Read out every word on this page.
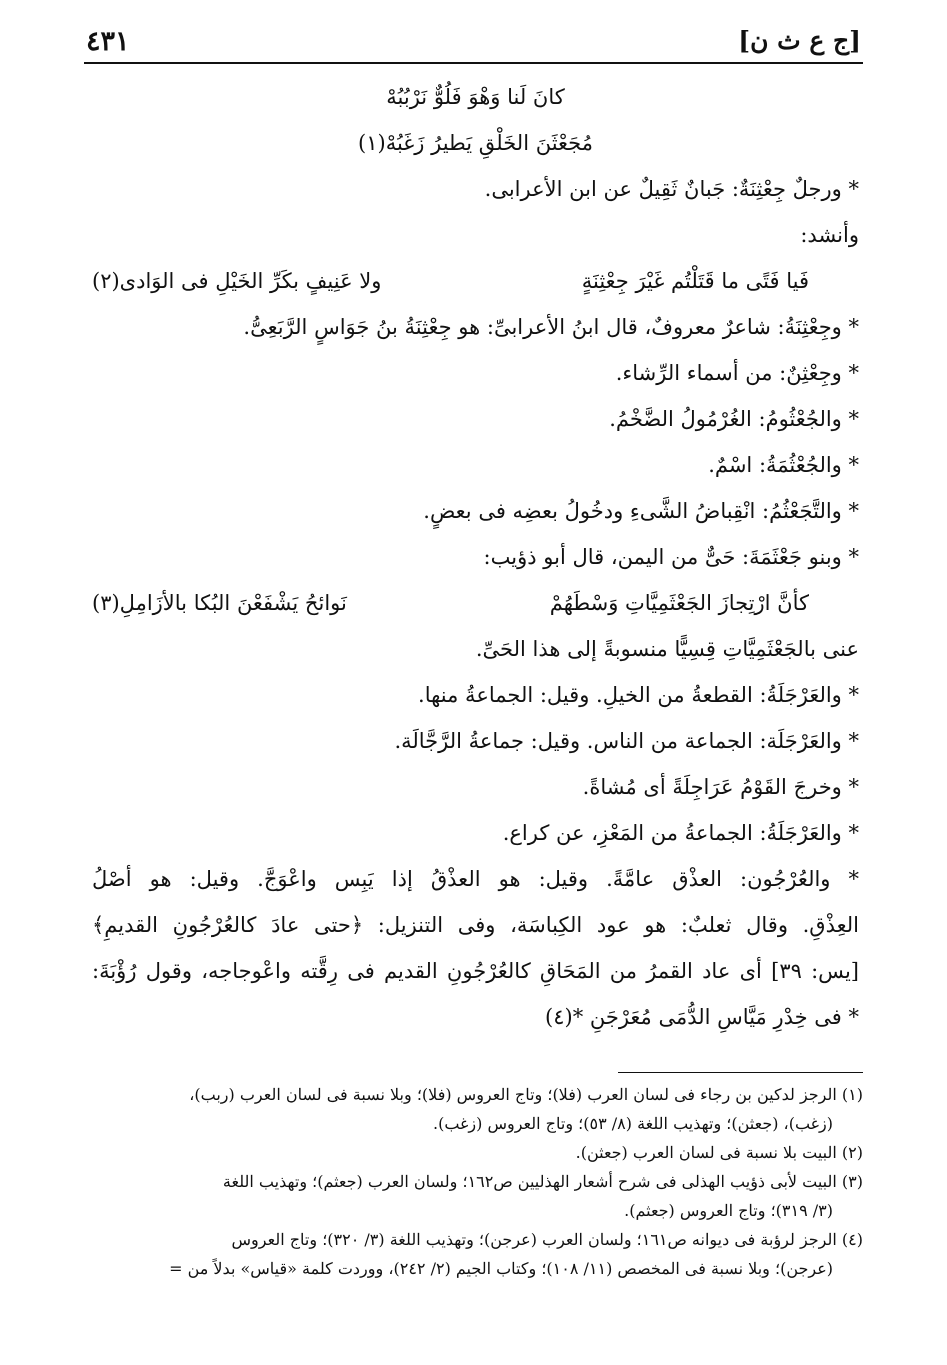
[ج ع ث ن]
٤٣١
كانَ لَنا وَهْوَ فَلُوٌّ نَرْبُبُهْ
مُجَعْثَنَ الخَلْقِ يَطيرُ زَغَبُهْ(١)
* ورجلٌ جِعْثِنَةٌ: جَبانٌ ثَقِيلٌ عن ابن الأعرابى.
وأنشد:
فَيا فَتًى ما قَتَلْتُم غَيْرَ جِعْثِنَةٍ
ولا عَنِيفٍ بكَرِّ الخَيْلِ فى الوَادى(٢)
* وجِعْثِنَةُ: شاعرٌ معروفٌ، قال ابنُ الأعرابىِّ: هو جِعْثِنَةُ بنُ جَوَاسٍ الرَّبَعِىُّ.
* وجِعْثِنٌ: من أسماء الرِّشاء.
* والجُعْثُومُ: الغُرْمُولُ الضَّخْمُ.
* والجُعْثُمَةُ: اسْمٌ.
* والتَّجَعْثُمُ: انْقِباضُ الشَّىءِ ودخُولُ بعضِه فى بعضٍ.
* وبنو جَعْثَمَةَ: حَىٌّ من اليمن، قال أبو ذؤيب:
كأنَّ ارْتِجازَ الجَعْثَمِيَّاتِ وَسْطَهُمْ
نَوائحُ يَشْفَعْنَ البُكا بالأزَامِلِ(٣)
عنى بالجَعْثَمِيَّاتِ قِسِيًّا منسوبةً إلى هذا الحَىِّ.
* والعَرْجَلَةُ: القطعةُ من الخيلِ. وقيل: الجماعةُ منها.
* والعَرْجَلَة: الجماعة من الناس. وقيل: جماعةُ الرَّجَّالَة.
* وخرجَ القَوْمُ عَرَاجِلَةً أى مُشاةً.
* والعَرْجَلَةُ: الجماعةُ من المَعْزِ، عن كراع.
* والعُرْجُون: العذْق عامَّةً. وقيل: هو العذْقُ إذا يَبِس واعْوَجَّ. وقيل: هو أصْلُ
العِذْقِ. وقال ثعلبٌ: هو عود الكِباسَة، وفى التنزيل: ﴿حتى عادَ كالعُرْجُونِ القديمِ﴾
[يس: ٣٩] أى عاد القمرُ من المَحَاقِ كالعُرْجُونِ القديم فى رِقَّته واعْوجاجه، وقول رُؤْبَةَ:
* فى خِدْرِ مَيَّاسِ الدُّمَى مُعَرْجَنِ *(٤)
(١) الرجز لدكين بن رجاء فى لسان العرب (فلا)؛ وتاج العروس (فلا)؛ وبلا نسبة فى لسان العرب (ربب)،
(زغب)، (جعثن)؛ وتهذيب اللغة (٨/ ٥٣)؛ وتاج العروس (زغب).
(٢) البيت بلا نسبة فى لسان العرب (جعثن).
(٣) البيت لأبى ذؤيب الهذلى فى شرح أشعار الهذليين ص١٦٢؛ ولسان العرب (جعثم)؛ وتهذيب اللغة
(٣/ ٣١٩)؛ وتاج العروس (جعثم).
(٤) الرجز لرؤبة فى ديوانه ص١٦١؛ ولسان العرب (عرجن)؛ وتهذيب اللغة (٣/ ٣٢٠)؛ وتاج العروس
(عرجن)؛ وبلا نسبة فى المخصص (١١/ ١٠٨)؛ وكتاب الجيم (٢/ ٢٤٢)، ووردت كلمة «قياس» بدلاً من =
